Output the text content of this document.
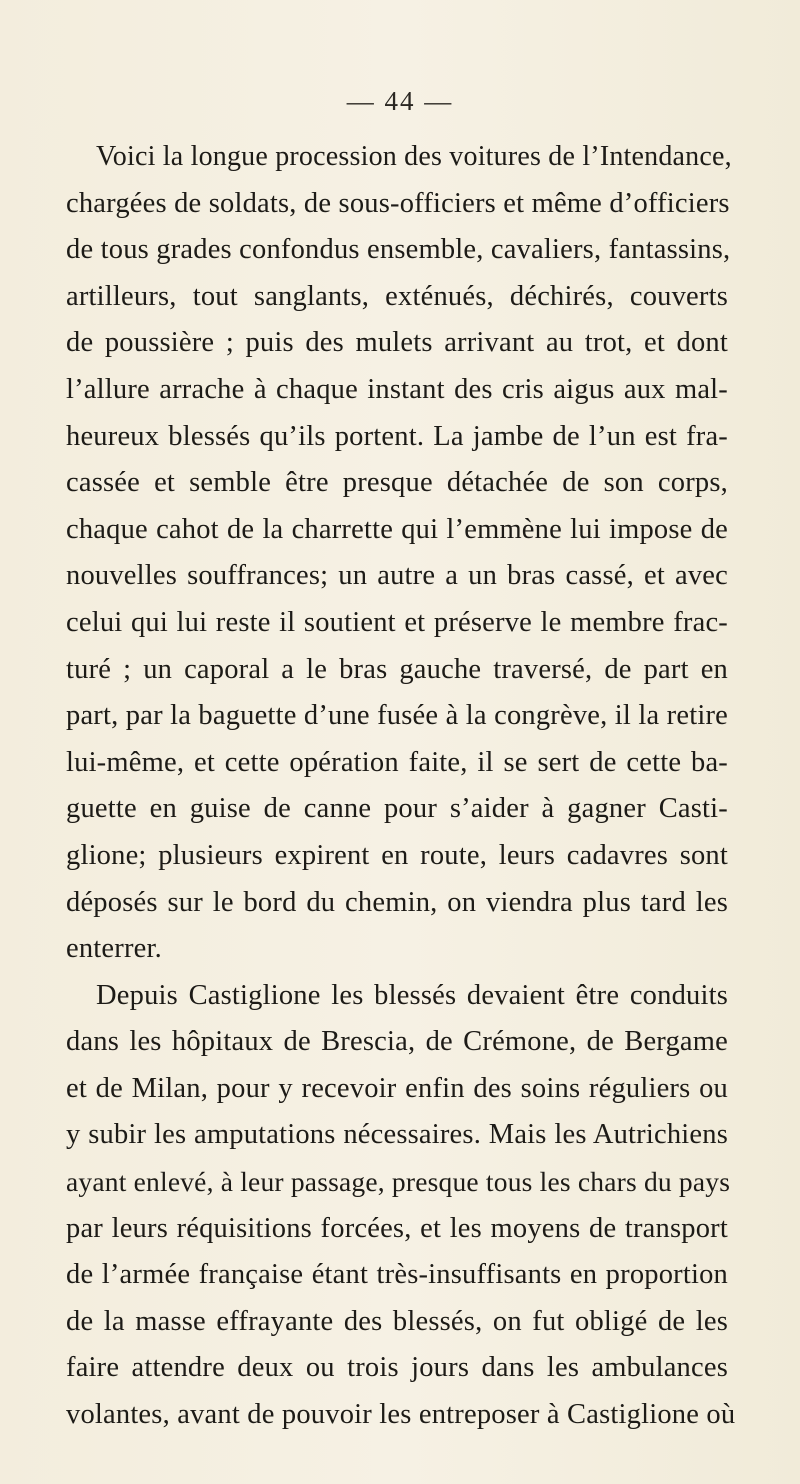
— 44 —
Voici la longue procession des voitures de l’Intendance,
chargées de soldats, de sous-officiers et même d’officiers
de tous grades confondus ensemble, cavaliers, fantassins,
artilleurs, tout sanglants, exténués, déchirés, couverts
de poussière ; puis des mulets arrivant au trot, et dont
l’allure arrache à chaque instant des cris aigus aux mal-
heureux blessés qu’ils portent. La jambe de l’un est fra-
cassée et semble être presque détachée de son corps,
chaque cahot de la charrette qui l’emmène lui impose de
nouvelles souffrances; un autre a un bras cassé, et avec
celui qui lui reste il soutient et préserve le membre frac-
turé ; un caporal a le bras gauche traversé, de part en
part, par la baguette d’une fusée à la congrève, il la retire
lui-même, et cette opération faite, il se sert de cette ba-
guette en guise de canne pour s’aider à gagner Casti-
glione; plusieurs expirent en route, leurs cadavres sont
déposés sur le bord du chemin, on viendra plus tard les
enterrer.
Depuis Castiglione les blessés devaient être conduits
dans les hôpitaux de Brescia, de Crémone, de Bergame
et de Milan, pour y recevoir enfin des soins réguliers ou
y subir les amputations nécessaires. Mais les Autrichiens
ayant enlevé, à leur passage, presque tous les chars du pays
par leurs réquisitions forcées, et les moyens de transport
de l’armée française étant très-insuffisants en proportion
de la masse effrayante des blessés, on fut obligé de les
faire attendre deux ou trois jours dans les ambulances
volantes, avant de pouvoir les entreposer à Castiglione où
